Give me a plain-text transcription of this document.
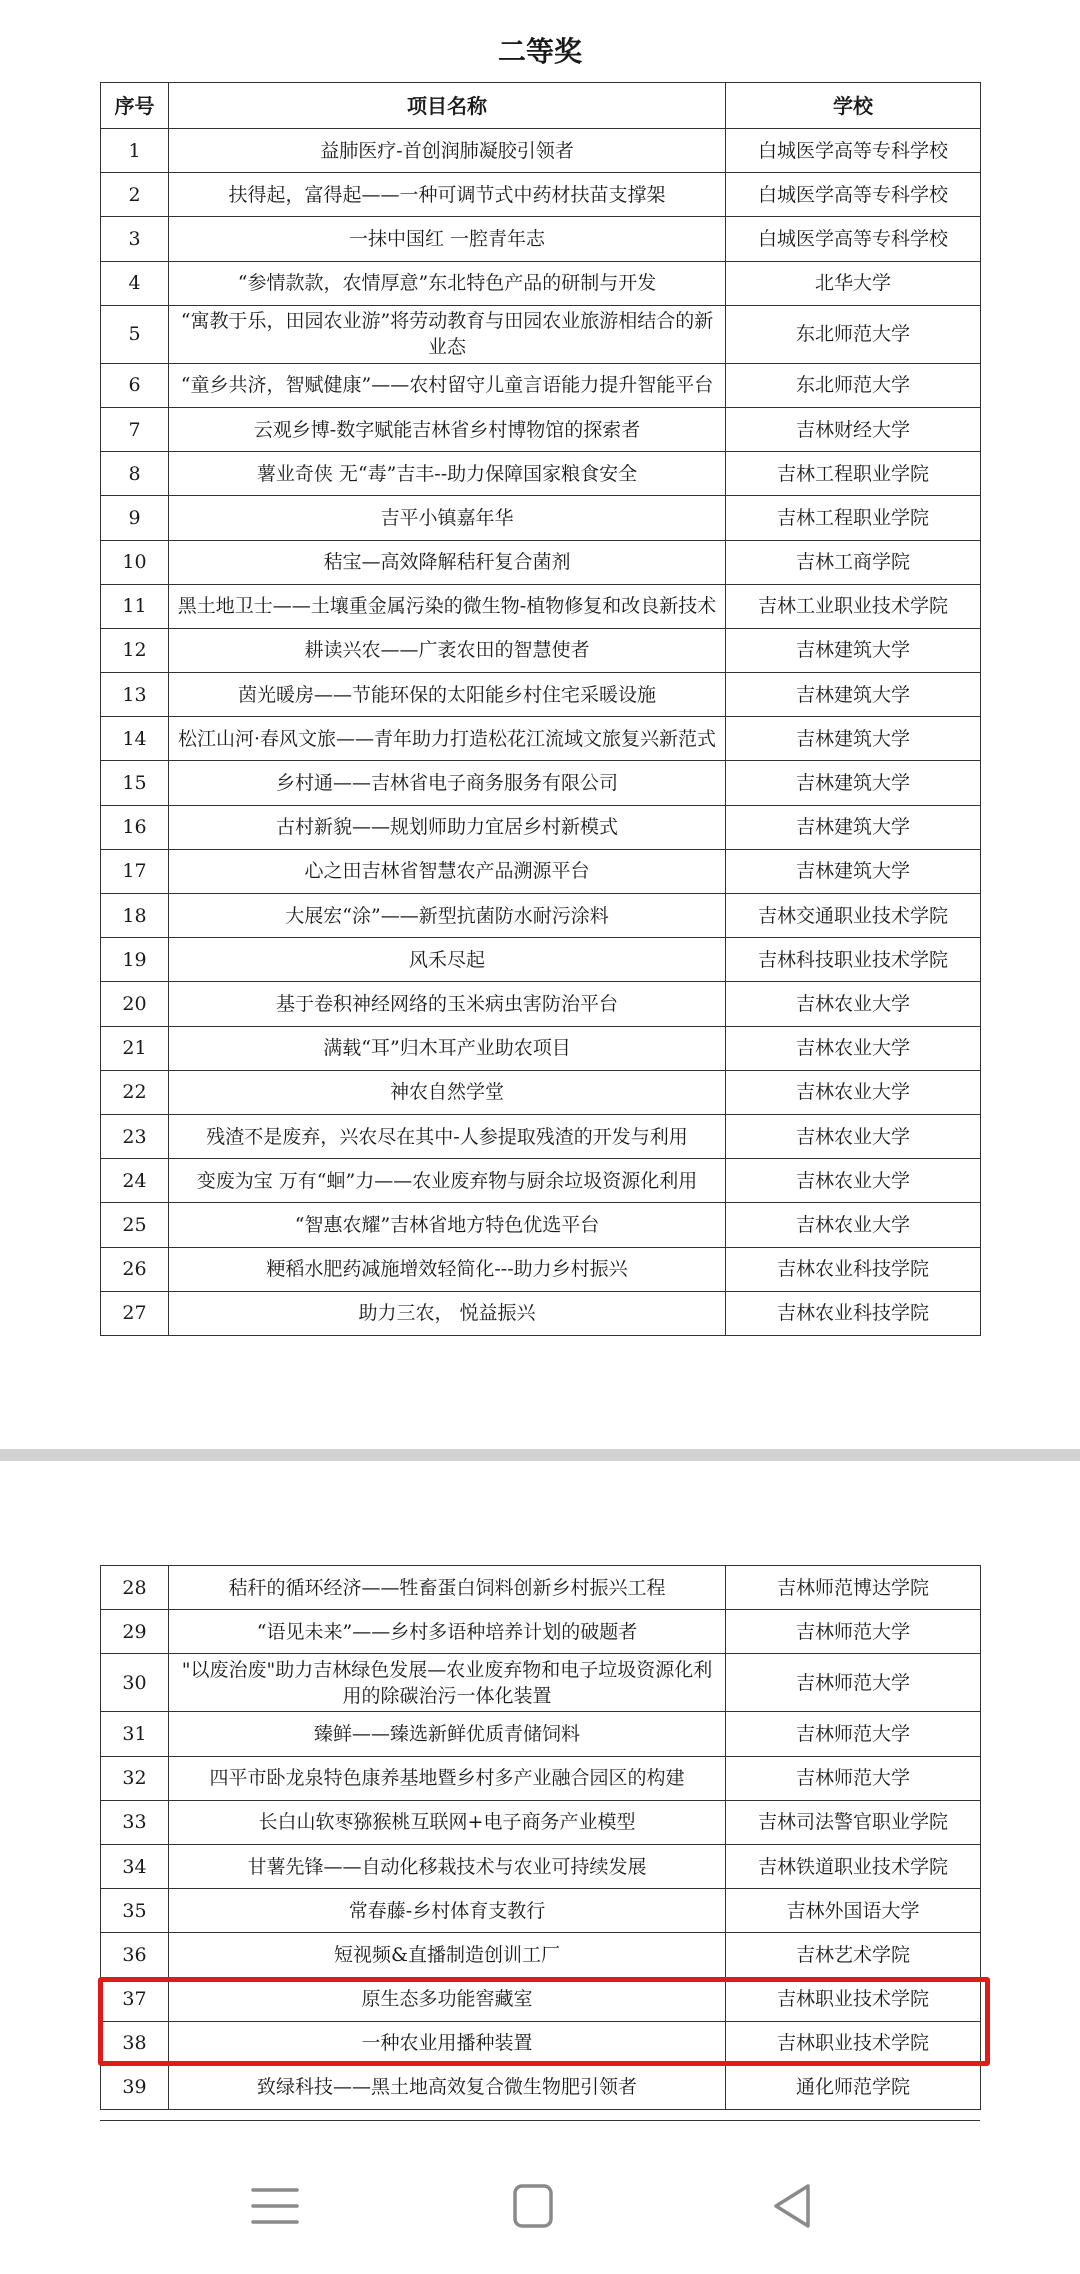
二等奖
序号	项目名称	学校
1	益肺医疗-首创润肺凝胶引领者	白城医学高等专科学校
2	扶得起，富得起——一种可调节式中药材扶苗支撑架	白城医学高等专科学校
3	一抹中国红 一腔青年志	白城医学高等专科学校
4	“参情款款，农情厚意”东北特色产品的研制与开发	北华大学
5	“寓教于乐，田园农业游”将劳动教育与田园农业旅游相结合的新业态	东北师范大学
6	“童乡共济，智赋健康”——农村留守儿童言语能力提升智能平台	东北师范大学
7	云观乡博-数字赋能吉林省乡村博物馆的探索者	吉林财经大学
8	薯业奇侠 无“毒”吉丰--助力保障国家粮食安全	吉林工程职业学院
9	吉平小镇嘉年华	吉林工程职业学院
10	秸宝—高效降解秸秆复合菌剂	吉林工商学院
11	黑土地卫士——土壤重金属污染的微生物-植物修复和改良新技术	吉林工业职业技术学院
12	耕读兴农——广袤农田的智慧使者	吉林建筑大学
13	茵光暖房——节能环保的太阳能乡村住宅采暖设施	吉林建筑大学
14	松江山河·春风文旅——青年助力打造松花江流域文旅复兴新范式	吉林建筑大学
15	乡村通——吉林省电子商务服务有限公司	吉林建筑大学
16	古村新貌——规划师助力宜居乡村新模式	吉林建筑大学
17	心之田吉林省智慧农产品溯源平台	吉林建筑大学
18	大展宏“涂”——新型抗菌防水耐污涂料	吉林交通职业技术学院
19	风禾尽起	吉林科技职业技术学院
20	基于卷积神经网络的玉米病虫害防治平台	吉林农业大学
21	满载“耳”归木耳产业助农项目	吉林农业大学
22	神农自然学堂	吉林农业大学
23	残渣不是废弃，兴农尽在其中-人参提取残渣的开发与利用	吉林农业大学
24	变废为宝 万有“蛔”力——农业废弃物与厨余垃圾资源化利用	吉林农业大学
25	“智惠农耀”吉林省地方特色优选平台	吉林农业大学
26	粳稻水肥药减施增效轻简化---助力乡村振兴	吉林农业科技学院
27	助力三农， 悦益振兴	吉林农业科技学院
28	秸秆的循环经济——牲畜蛋白饲料创新乡村振兴工程	吉林师范博达学院
29	“语见未来”——乡村多语种培养计划的破题者	吉林师范大学
30	"以废治废"助力吉林绿色发展—农业废弃物和电子垃圾资源化利用的除碳治污一体化装置	吉林师范大学
31	臻鲜——臻选新鲜优质青储饲料	吉林师范大学
32	四平市卧龙泉特色康养基地暨乡村多产业融合园区的构建	吉林师范大学
33	长白山软枣猕猴桃互联网+电子商务产业模型	吉林司法警官职业学院
34	甘薯先锋——自动化移栽技术与农业可持续发展	吉林铁道职业技术学院
35	常春藤-乡村体育支教行	吉林外国语大学
36	短视频&直播制造创训工厂	吉林艺术学院
37	原生态多功能窖藏室	吉林职业技术学院
38	一种农业用播种装置	吉林职业技术学院
39	致绿科技——黑土地高效复合微生物肥引领者	通化师范学院
